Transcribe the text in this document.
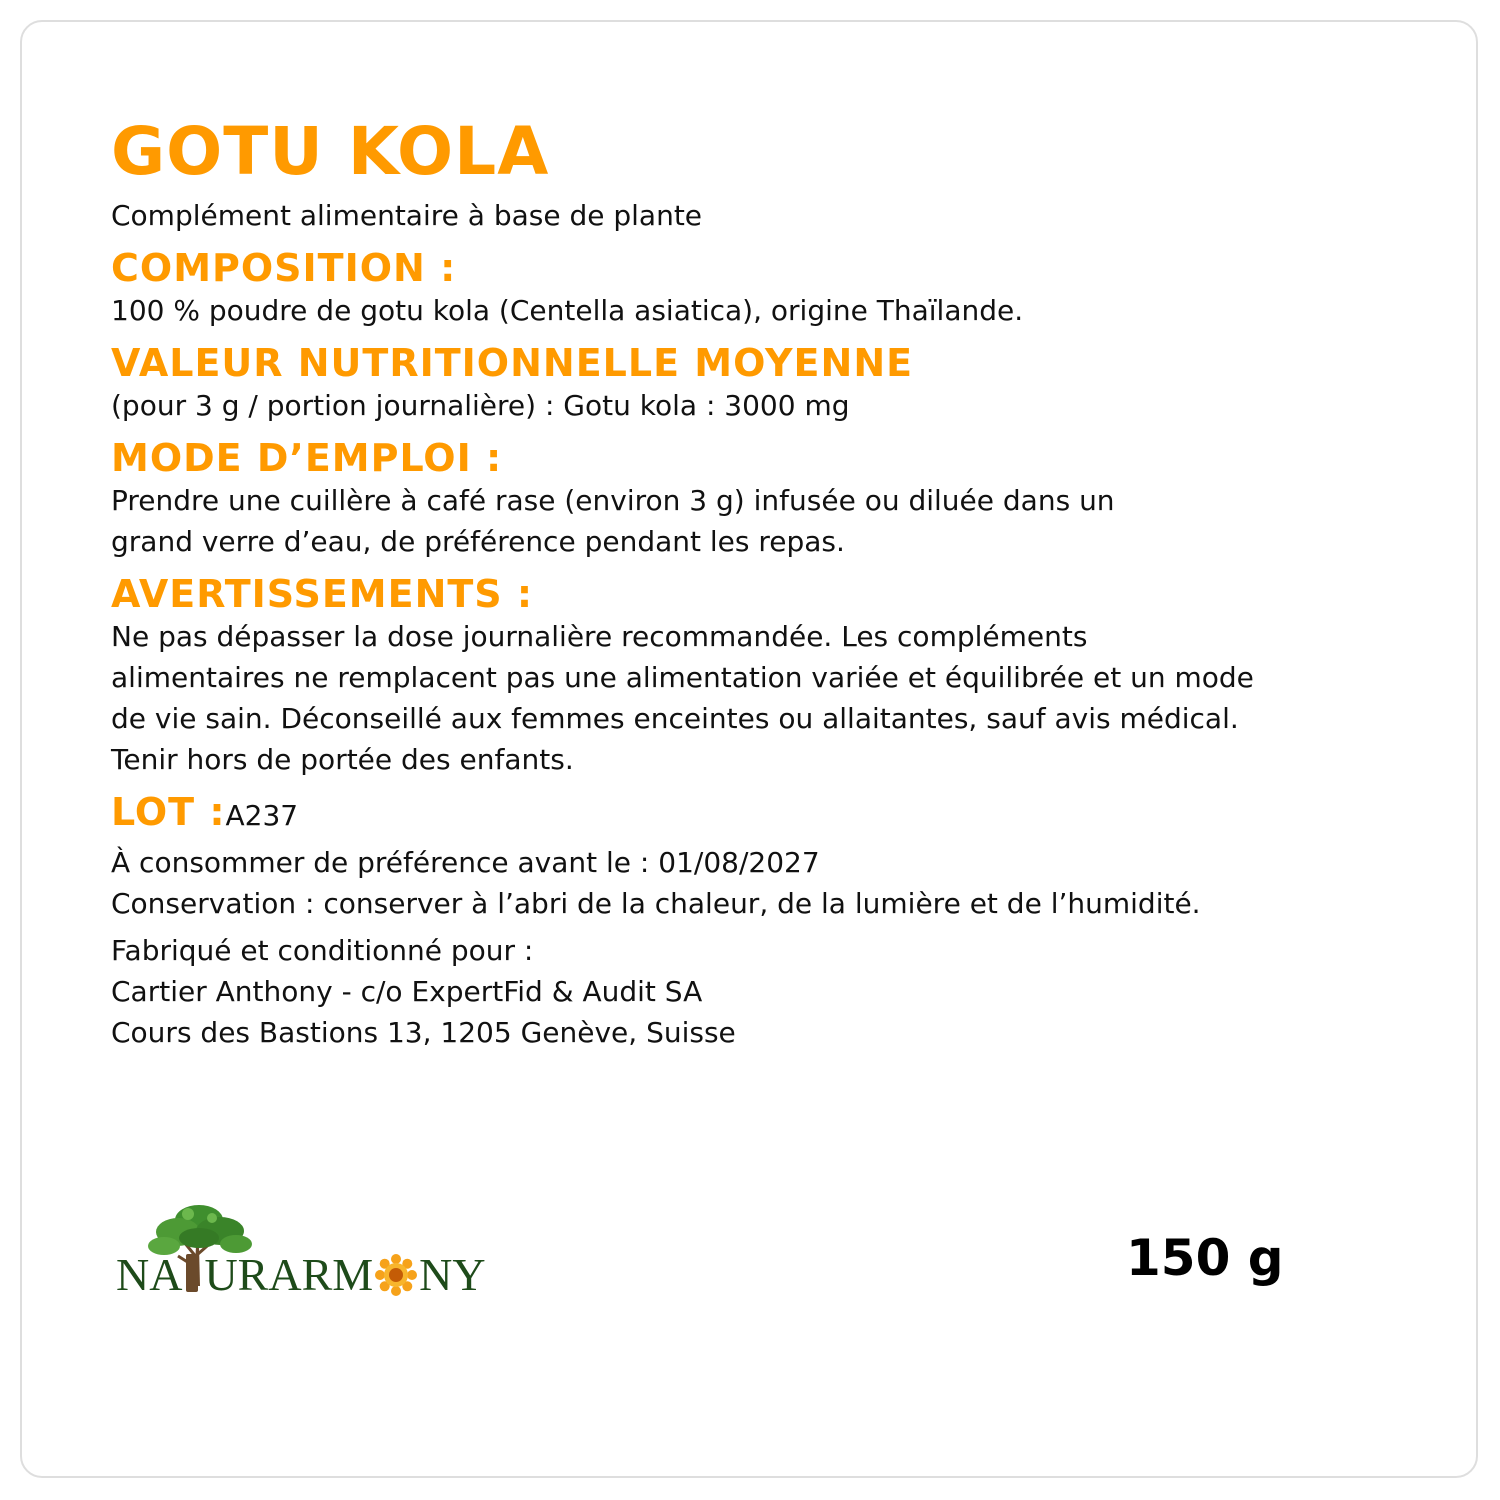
GOTU KOLA

Complément alimentaire à base de plante

COMPOSITION :

100 % poudre de gotu kola (Centella asiatica), origine Thaïlande.

VALEUR NUTRITIONNELLE MOYENNE

(pour 3 g / portion journalière) : Gotu kola : 3000 mg

MODE D’EMPLOI :

Prendre une cuillère à café rase (environ 3 g) infusée ou diluée dans un

grand verre d’eau, de préférence pendant les repas.

AVERTISSEMENTS :

Ne pas dépasser la dose journalière recommandée. Les compléments

alimentaires ne remplacent pas une alimentation variée et équilibrée et un mode

de vie sain. Déconseillé aux femmes enceintes ou allaitantes, sauf avis médical.

Tenir hors de portée des enfants.

LOT :A237

À consommer de préférence avant le : 01/08/2027

Conservation : conserver à l’abri de la chaleur, de la lumière et de l’humidité.

Fabriqué et conditionné pour :

Cartier Anthony - c/o ExpertFid & Audit SA

Cours des Bastions 13, 1205 Genève, Suisse

NA URARM NY	150 g
